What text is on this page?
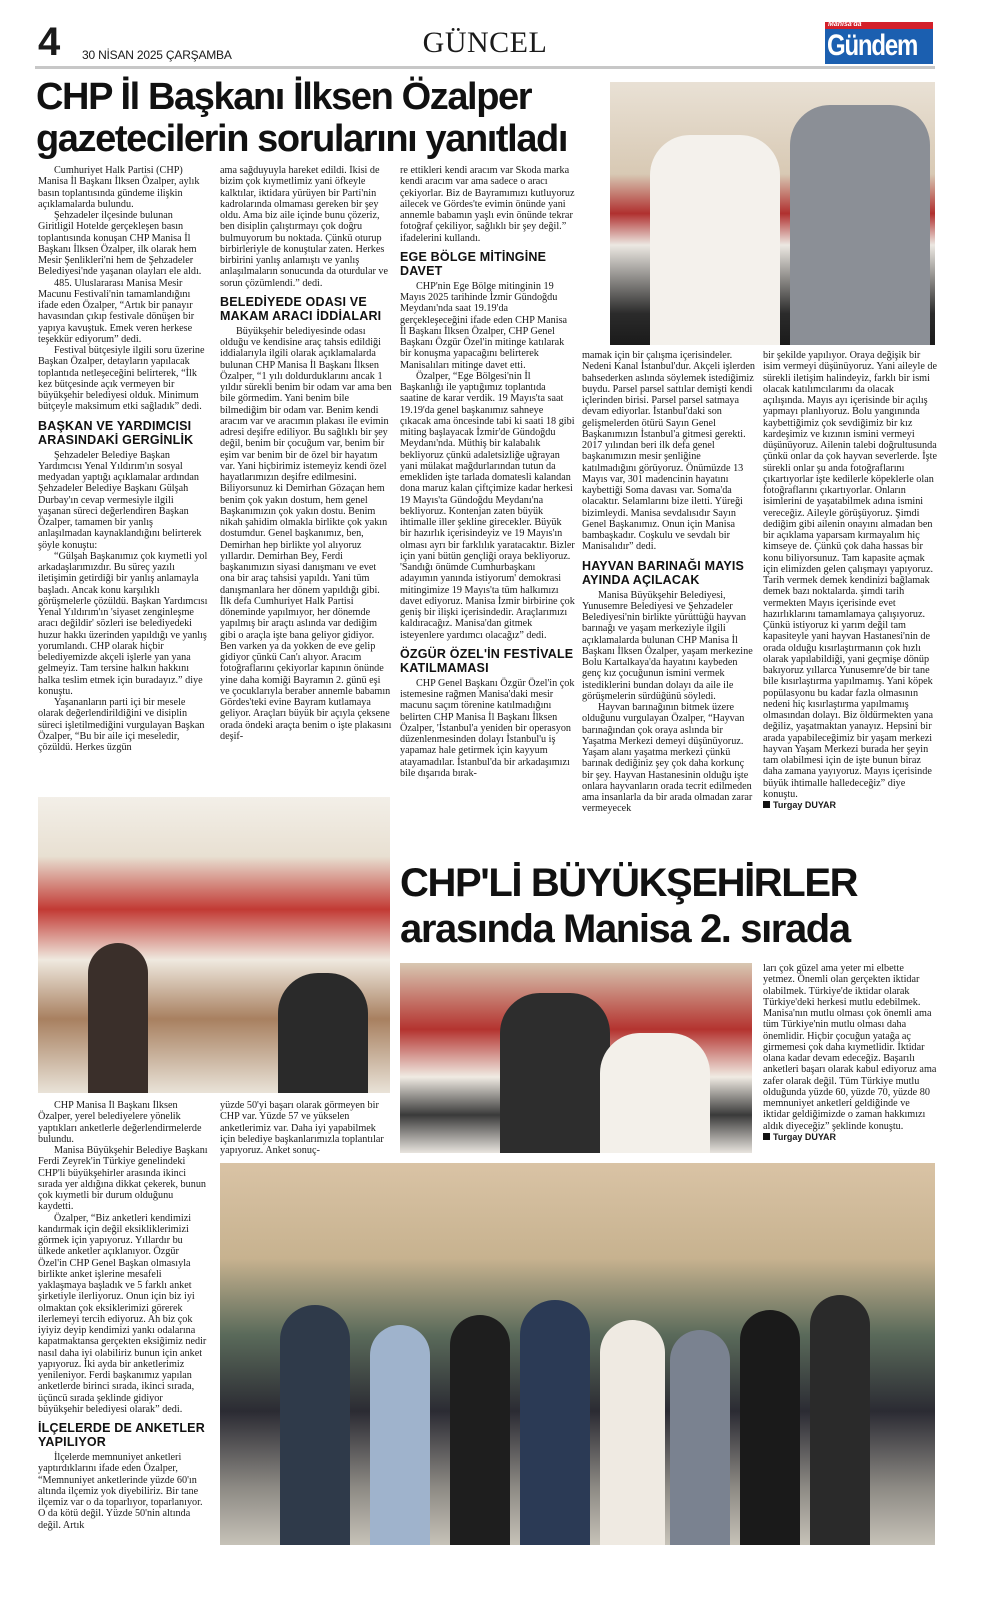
4 30 NİSAN 2025 ÇARŞAMBA	GÜNCEL
Manisa'da
Gündem
CHP İl Başkanı İlksen Özalper
gazetecilerin sorularını yanıtladı

Cumhuriyet Halk Partisi (CHP) Manisa İl Başkanı İlksen Özalper, aylık basın toplantısında gündeme ilişkin açıklamalarda bulundu.

Şehzadeler ilçesinde bulunan Giritligil Hotelde gerçekleşen basın toplantısında konuşan CHP Manisa İl Başkanı İlksen Özalper, ilk olarak hem Mesir Şenlikleri'ni hem de Şehzadeler Belediyesi'nde yaşanan olayları ele aldı.

485. Uluslararası Manisa Mesir Macunu Festivali'nin tamamlandığını ifade eden Özalper, “Artık bir panayır havasından çıkıp festivale dönüşen bir yapıya kavuştuk. Emek veren herkese teşekkür ediyorum” dedi.

Festival bütçesiyle ilgili soru üzerine Başkan Özalper, detayların yapılacak toplantıda netleşeceğini belirterek, “İlk kez bütçesinde açık vermeyen bir büyükşehir belediyesi olduk. Minimum bütçeyle maksimum etki sağladık” dedi.

BAŞKAN VE YARDIMCISI ARASINDAKİ GERGİNLİK

Şehzadeler Belediye Başkan Yardımcısı Yenal Yıldırım'ın sosyal medyadan yaptığı açıklamalar ardından Şehzadeler Belediye Başkanı Gülşah Durbay'ın cevap vermesiyle ilgili yaşanan süreci değerlendiren Başkan Özalper, tamamen bir yanlış anlaşılmadan kaynaklandığını belirterek şöyle konuştu:

“Gülşah Başkanımız çok kıymetli yol arkadaşlarımızdır. Bu süreç yazılı iletişimin getirdiği bir yanlış anlamayla başladı. Ancak konu karşılıklı görüşmelerle çözüldü. Başkan Yardımcısı Yenal Yıldırım'ın 'siyaset zenginleşme aracı değildir' sözleri ise belediyedeki huzur hakkı üzerinden yapıldığı ve yanlış yorumlandı. CHP olarak hiçbir belediyemizde akçeli işlerle yan yana gelmeyiz. Tam tersine halkın hakkını halka teslim etmek için buradayız.” diye konuştu.

Yaşananların parti içi bir mesele olarak değerlendirildiğini ve disiplin süreci işletilmediğini vurgulayan Başkan Özalper, “Bu bir aile içi meseledir, çözüldü. Herkes üzgün

ama sağduyuyla hareket edildi. İkisi de bizim çok kıymetlimiz yani öfkeyle kalktılar, iktidara yürüyen bir Parti'nin kadrolarında olmaması gereken bir şey oldu. Ama biz aile içinde bunu çözeriz, ben disiplin çalıştırmayı çok doğru bulmuyorum bu noktada. Çünkü oturup birbirleriyle de konuştular zaten. Herkes birbirini yanlış anlamıştı ve yanlış anlaşılmaların sonucunda da oturdular ve sorun çözümlendi.” dedi.

BELEDİYEDE ODASI VE MAKAM ARACI İDDİALARI

Büyükşehir belediyesinde odası olduğu ve kendisine araç tahsis edildiği iddialarıyla ilgili olarak açıklamalarda bulunan CHP Manisa İl Başkanı İlksen Özalper, “1 yılı doldurduklarını ancak 1 yıldır sürekli benim bir odam var ama ben bile görmedim. Yani benim bile bilmediğim bir odam var. Benim kendi aracım var ve aracımın plakası ile evimin adresi deşifre ediliyor. Bu sağlıklı bir şey değil, benim bir çocuğum var, benim bir eşim var benim bir de özel bir hayatım var. Yani hiçbirimiz istemeyiz kendi özel hayatlarımızın deşifre edilmesini. Biliyorsunuz ki Demirhan Gözaçan hem benim çok yakın dostum, hem genel Başkanımızın çok yakın dostu. Benim nikah şahidim olmakla birlikte çok yakın dostumdur. Genel başkanımız, ben, Demirhan hep birlikte yol alıyoruz yıllardır. Demirhan Bey, Ferdi başkanımızın siyasi danışmanı ve evet ona bir araç tahsisi yapıldı. Yani tüm danışmanlara her dönem yapıldığı gibi. İlk defa Cumhuriyet Halk Partisi döneminde yapılmıyor, her dönemde yapılmış bir araçtı aslında var dediğim gibi o araçla işte bana geliyor gidiyor. Ben varken ya da yokken de eve gelip gidiyor çünkü Can'ı alıyor. Aracım fotoğraflarını çekiyorlar kapının önünde yine daha komiği Bayramın 2. günü eşi ve çocuklarıyla beraber annemle babamın Gördes'teki evine Bayram kutlamaya geliyor. Araçları büyük bir açıyla çeksene orada öndeki araçta benim o işte plakasını deşif-

re ettikleri kendi aracım var Skoda marka kendi aracım var ama sadece o aracı çekiyorlar. Biz de Bayramımızı kutluyoruz ailecek ve Gördes'te evimin önünde yani annemle babamın yaşlı evin önünde tekrar fotoğraf çekiliyor, sağlıklı bir şey değil.” ifadelerini kullandı.

EGE BÖLGE MİTİNGİNE DAVET

CHP'nin Ege Bölge mitinginin 19 Mayıs 2025 tarihinde İzmir Gündoğdu Meydanı'nda saat 19.19'da gerçekleşeceğini ifade eden CHP Manisa İl Başkanı İlksen Özalper, CHP Genel Başkanı Özgür Özel'in mitinge katılarak bir konuşma yapacağını belirterek Manisalıları mitinge davet etti.

Özalper, “Ege Bölgesi'nin İl Başkanlığı ile yaptığımız toplantıda saatine de karar verdik. 19 Mayıs'ta saat 19.19'da genel başkanımız sahneye çıkacak ama öncesinde tabi ki saati 18 gibi miting başlayacak İzmir'de Gündoğdu Meydanı'nda. Müthiş bir kalabalık bekliyoruz çünkü adaletsizliğe uğrayan yani mülakat mağdurlarından tutun da emekliden işte tarlada domatesli kalandan dona maruz kalan çiftçimize kadar herkesi 19 Mayıs'ta Gündoğdu Meydanı'na bekliyoruz. Kontenjan zaten büyük ihtimalle iller şekline girecekler. Büyük bir hazırlık içerisindeyiz ve 19 Mayıs'ın olması ayrı bir farklılık yaratacaktır. Bizler için yani bütün gençliği oraya bekliyoruz. 'Sandığı önümde Cumhurbaşkanı adayımın yanında istiyorum' demokrasi mitingimize 19 Mayıs'ta tüm halkımızı davet ediyoruz. Manisa İzmir birbirine çok geniş bir ilişki içerisindedir. Araçlarımızı kaldıracağız. Manisa'dan gitmek isteyenlere yardımcı olacağız” dedi.

ÖZGÜR ÖZEL'İN FESTİVALE KATILMAMASI

CHP Genel Başkanı Özgür Özel'in çok istemesine rağmen Manisa'daki mesir macunu saçım törenine katılmadığını belirten CHP Manisa İl Başkanı İlksen Özalper, 'İstanbul'a yeniden bir operasyon düzenlenmesinden dolayı İstanbul'u iş yapamaz hale getirmek için kayyum atayamadılar. İstanbul'da bir arkadaşımızı bile dışarıda bırak-

mamak için bir çalışma içerisindeler. Nedeni Kanal İstanbul'dur. Akçeli işlerden bahsederken aslında söylemek istediğimiz buydu. Parsel parsel sattılar demişti kendi içlerinden birisi. Parsel parsel satmaya devam ediyorlar. İstanbul'daki son gelişmelerden ötürü Sayın Genel Başkanımızın İstanbul'a gitmesi gerekti. 2017 yılından beri ilk defa genel başkanımızın mesir şenliğine katılmadığını görüyoruz. Önümüzde 13 Mayıs var, 301 madencinin hayatını kaybettiği Soma davası var. Soma'da olacaktır. Selamlarını bize iletti. Yüreği bizimleydi. Manisa sevdalısıdır Sayın Genel Başkanımız. Onun için Manisa bambaşkadır. Coşkulu ve sevdalı bir Manisalıdır” dedi.

HAYVAN BARINAĞI MAYIS AYINDA AÇILACAK

Manisa Büyükşehir Belediyesi, Yunusemre Belediyesi ve Şehzadeler Belediyesi'nin birlikte yürüttüğü hayvan barınağı ve yaşam merkeziyle ilgili açıklamalarda bulunan CHP Manisa İl Başkanı İlksen Özalper, yaşam merkezine Bolu Kartalkaya'da hayatını kaybeden genç kız çocuğunun ismini vermek istediklerini bundan dolayı da aile ile görüşmelerin sürdüğünü söyledi.

Hayvan barınağının bitmek üzere olduğunu vurgulayan Özalper, “Hayvan barınağından çok oraya aslında bir Yaşatma Merkezi demeyi düşünüyoruz. Yaşam alanı yaşatma merkezi çünkü barınak dediğiniz şey çok daha korkunç bir şey. Hayvan Hastanesinin olduğu işte onlara hayvanların orada tecrit edilmeden ama insanlarla da bir arada olmadan zarar vermeyecek

bir şekilde yapılıyor. Oraya değişik bir isim vermeyi düşünüyoruz. Yani aileyle de sürekli iletişim halindeyiz, farklı bir ismi olacak katılımcılarımı da olacak açılışında. Mayıs ayı içerisinde bir açılış yapmayı planlıyoruz. Bolu yangınında kaybettiğimiz çok sevdiğimiz bir kız kardeşimiz ve kızının ismini vermeyi düşünüyoruz. Ailenin talebi doğrultusunda çünkü onlar da çok hayvan severlerde. İşte sürekli onlar şu anda fotoğraflarını çıkartıyorlar işte kedilerle köpeklerle olan fotoğraflarını çıkartıyorlar. Onların isimlerini de yaşatabilmek adına ismini vereceğiz. Aileyle görüşüyoruz. Şimdi dediğim gibi ailenin onayını almadan ben bir açıklama yaparsam kırmayalım hiç kimseye de. Çünkü çok daha hassas bir konu biliyorsunuz. Tam kapasite açmak için elimizden gelen çalışmayı yapıyoruz. Tarih vermek demek kendinizi bağlamak demek bazı noktalarda. şimdi tarih vermekten Mayıs içerisinde evet hazırlıklarını tamamlamaya çalışıyoruz. Çünkü istiyoruz ki yarım değil tam kapasiteyle yani hayvan Hastanesi'nin de orada olduğu kısırlaştırmanın çok hızlı olarak yapılabildiği, yani geçmişe dönüp bakıyoruz yıllarca Yunusemre'de bir tane bile kısırlaştırma yapılmamış. Yani köpek popülasyonu bu kadar fazla olmasının nedeni hiç kısırlaştırma yapılmamış olmasından dolayı. Biz öldürmekten yana değiliz, yaşatmaktan yanayız. Hepsini bir arada yapabileceğimiz bir yaşam merkezi hayvan Yaşam Merkezi burada her şeyin tam olabilmesi için de işte bunun biraz daha zamana yayıyoruz. Mayıs içerisinde büyük ihtimalle halledeceğiz” diye konuştu.

Turgay DUYAR
CHP'Lİ BÜYÜKŞEHİRLER
arasında Manisa 2. sırada

ları çok güzel ama yeter mi elbette yetmez. Önemli olan gerçekten iktidar olabilmek. Türkiye'de iktidar olarak Türkiye'deki herkesi mutlu edebilmek. Manisa'nın mutlu olması çok önemli ama tüm Türkiye'nin mutlu olması daha önemlidir. Hiçbir çocuğun yatağa aç girmemesi çok daha kıymetlidir. İktidar olana kadar devam edeceğiz. Başarılı anketleri başarı olarak kabul ediyoruz ama zafer olarak değil. Tüm Türkiye mutlu olduğunda yüzde 60, yüzde 70, yüzde 80 memnuniyet anketleri geldiğinde ve iktidar geldiğimizde o zaman hakkımızı aldık diyeceğiz” şeklinde konuştu.

Turgay DUYAR

CHP Manisa İl Başkanı İlksen Özalper, yerel belediyelere yönelik yaptıkları anketlerle değerlendirmelerde bulundu.

Manisa Büyükşehir Belediye Başkanı Ferdi Zeyrek'in Türkiye genelindeki CHP'li büyükşehirler arasında ikinci sırada yer aldığına dikkat çekerek, bunun çok kıymetli bir durum olduğunu kaydetti.

Özalper, “Biz anketleri kendimizi kandırmak için değil eksikliklerimizi görmek için yapıyoruz. Yıllardır bu ülkede anketler açıklanıyor. Özgür Özel'in CHP Genel Başkan olmasıyla birlikte anket işlerine mesafeli yaklaşmaya başladık ve 5 farklı anket şirketiyle ilerliyoruz. Onun için biz iyi olmaktan çok eksiklerimizi görerek ilerlemeyi tercih ediyoruz. Ah biz çok iyiyiz deyip kendimizi yankı odalarına kapatmaktansa gerçekten eksiğimiz nedir nasıl daha iyi olabiliriz bunun için anket yapıyoruz. İki ayda bir anketlerimiz yenileniyor. Ferdi başkanımız yapılan anketlerde birinci sırada, ikinci sırada, üçüncü sırada şeklinde gidiyor büyükşehir belediyesi olarak” dedi.

İLÇELERDE DE ANKETLER YAPILIYOR

İlçelerde memnuniyet anketleri yaptırdıklarını ifade eden Özalper, “Memnuniyet anketlerinde yüzde 60'ın altında ilçemiz yok diyebiliriz. Bir tane ilçemiz var o da toparlıyor, toparlanıyor. O da kötü değil. Yüzde 50'nin altında değil. Artık

yüzde 50'yi başarı olarak görmeyen bir CHP var. Yüzde 57 ve yükselen anketlerimiz var. Daha iyi yapabilmek için belediye başkanlarımızla toplantılar yapıyoruz. Anket sonuç-
